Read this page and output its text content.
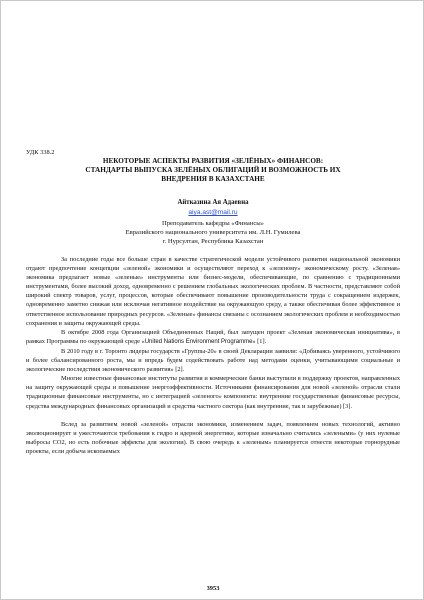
УДК 338.2
НЕКОТОРЫЕ АСПЕКТЫ РАЗВИТИЯ «ЗЕЛЁНЫХ» ФИНАНСОВ:
СТАНДАРТЫ ВЫПУСКА ЗЕЛЁНЫХ ОБЛИГАЦИЙ И ВОЗМОЖНОСТЬ ИХ
ВНЕДРЕНИЯ В КАЗАХСТАНЕ
Айтказина Ая Адаевна
aiya.ast@mail.ru
Преподаватель кафедры «Финансы»
Евразийского национального университета им. Л.Н. Гумилева
г. Нурсултан, Республика Казахстан

За последние годы все больше стран в качестве стратегической модели устойчивого развития национальной экономики отдают предпочтение концепции «зеленой» экономики и осуществляют переход к «зеленому» экономическому росту. «Зеленая» экономика предлагает новые «зеленые» инструменты или бизнес-модели, обеспечивающие, по сравнению с традиционными инструментами, более высокий доход, одновременно с решением глобальных экологических проблем. В частности, представляют собой широкий спектр товаров, услуг, процессов, которые обеспечивают повышение производительности труда с сокращением издержек, одновременно заметно снижая или исключая негативное воздействие на окружающую среду, а также обеспечивая более эффективное и ответственное использование природных ресурсов. «Зеленые» финансы связаны с осознанием экологических проблем и необходимостью сохранения и защиты окружающей среды.

В октябре 2008 года Организацией Объединенных Наций, был запущен проект «Зеленая экономическая инициатива», в рамках Программы по окружающей среде «United Nations Environment Programme» [1].

В 2010 году в г. Торонто лидеры государств «Группы-20» в своей Декларации заявили: «Добиваясь уверенного, устойчивого и более сбалансированного роста, мы и впредь будем содействовать работе над методами оценки, учитывающими социальные и экологические последствия экономического развития» [2].

Многие известные финансовые институты развития и коммерческие банки выступили в поддержку проектов, направленных на защиту окружающей среды и повышение энергоэффективности. Источниками финансирования для новой «зеленой» отрасли стали традиционные финансовые инструменты, но с интеграцией «зеленого» компонента: внутренние государственные финансовые ресурсы, средства международных финансовых организаций и средства частного сектора (как внутренние, так и зарубежные) [3].

Вслед за развитием новой «зеленой» отрасли экономики, изменением задач, появлением новых технологий, активно эволюционирует и ужесточаются требования к гидро и ядерной энергетике, которые изначально считались «зелеными» (у них нулевые выбросы CO2, но есть побочные эффекты для экологии). В свою очередь к «зеленым» планируется отнести некоторые горнорудные проекты, если добыча ископаемых

3953
